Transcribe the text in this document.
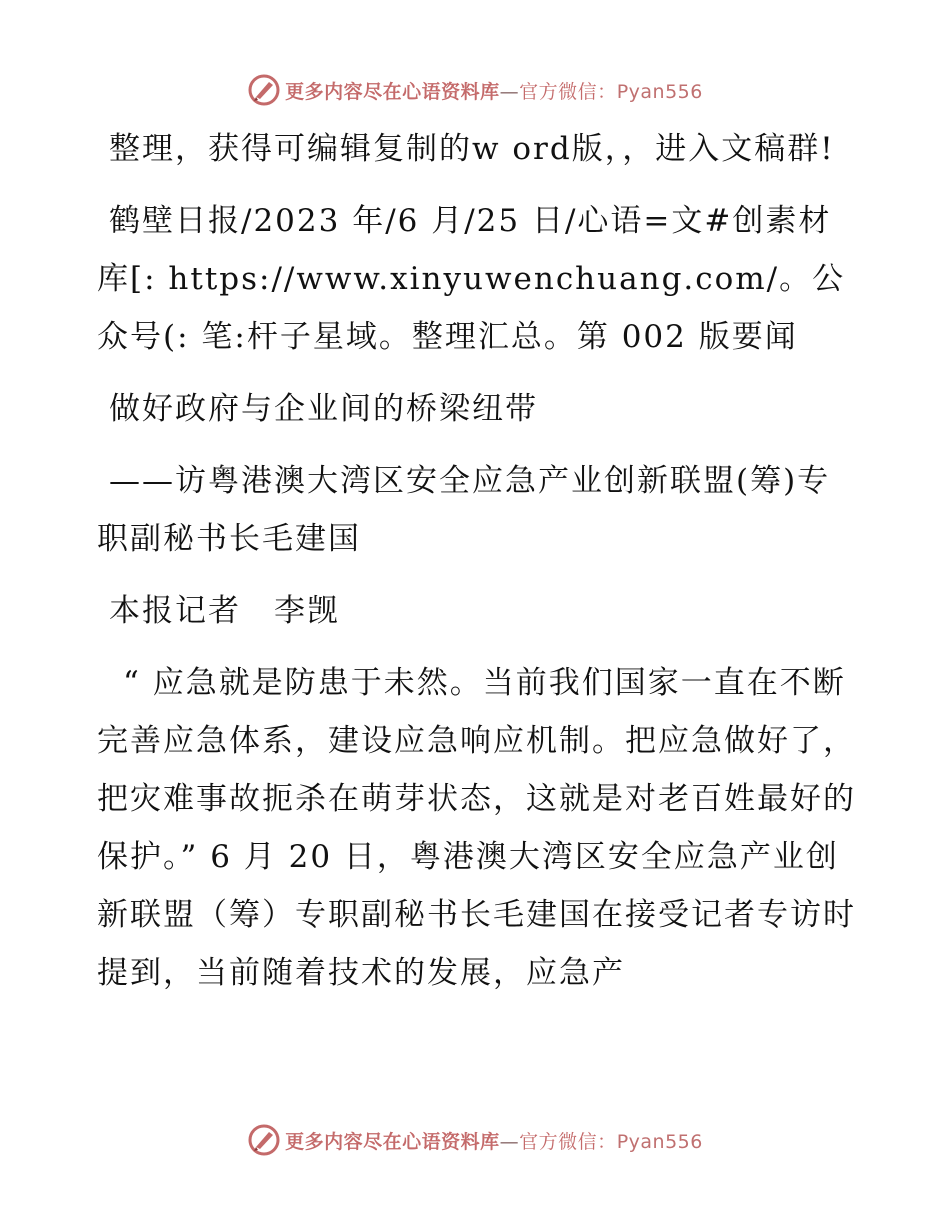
更多内容尽在心语资料库—官方微信：Pyan556

整理，获得可编辑复制的w ord版，，进入文稿群!

鹤壁日报/2023 年/6 月/25 日/心语=文#创素材库[: https://www.xinyuwenchuang.com/。公众号(: 笔:杆子星域。整理汇总。第 002 版要闻

做好政府与企业间的桥梁纽带

——访粤港澳大湾区安全应急产业创新联盟(筹)专职副秘书长毛建国

本报记者　李觊

“ 应急就是防患于未然。当前我们国家一直在不断完善应急体系，建设应急响应机制。把应急做好了，把灾难事故扼杀在萌芽状态，这就是对老百姓最好的保护。” 6 月 20 日，粤港澳大湾区安全应急产业创新联盟（筹）专职副秘书长毛建国在接受记者专访时提到，当前随着技术的发展，应急产

更多内容尽在心语资料库—官方微信：Pyan556
